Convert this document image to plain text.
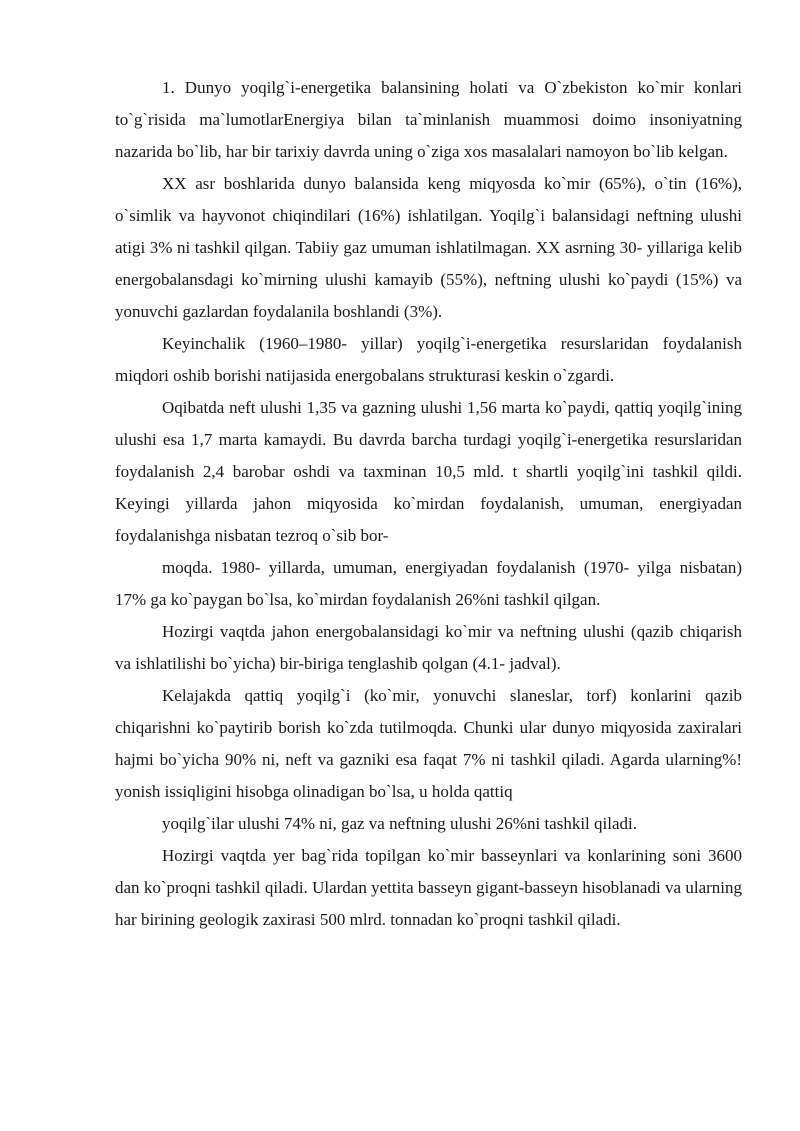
1. Dunyo yoqilg`i-energetika balansining holati va O`zbekiston ko`mir konlari to`g`risida ma`lumotlarEnergiya bilan ta`minlanish muammosi doimo insoniyatning nazarida bo`lib, har bir tarixiy davrda uning o`ziga xos masalalari namoyon bo`lib kelgan.

XX asr boshlarida dunyo balansida keng miqyosda ko`mir (65%), o`tin (16%), o`simlik va hayvonot chiqindilari (16%) ishlatilgan. Yoqilg`i balansidagi neftning ulushi atigi 3% ni tashkil qilgan. Tabiiy gaz umuman ishlatilmagan. XX asrning 30- yillariga kelib energobalansdagi ko`mirning ulushi kamayib (55%), neftning ulushi ko`paydi (15%) va yonuvchi gazlardan foydalanila boshlandi (3%).

Keyinchalik (1960–1980- yillar) yoqilg`i-energetika resurslaridan foydalanish miqdori oshib borishi natijasida energobalans strukturasi keskin o`zgardi.

Oqibatda neft ulushi 1,35 va gazning ulushi 1,56 marta ko`paydi, qattiq yoqilg`ining ulushi esa 1,7 marta kamaydi. Bu davrda barcha turdagi yoqilg`i-energetika resurslaridan foydalanish 2,4 barobar oshdi va taxminan 10,5 mld. t shartli yoqilg`ini tashkil qildi. Keyingi yillarda jahon miqyosida ko`mirdan foydalanish, umuman, energiyadan foydalanishga nisbatan tezroq o`sib bor-

moqda. 1980- yillarda, umuman, energiyadan foydalanish (1970- yilga nisbatan) 17% ga ko`paygan bo`lsa, ko`mirdan foydalanish 26%ni tashkil qilgan.

Hozirgi vaqtda jahon energobalansidagi ko`mir va neftning ulushi (qazib chiqarish va ishlatilishi bo`yicha) bir-biriga tenglashib qolgan (4.1- jadval).

Kelajakda qattiq yoqilg`i (ko`mir, yonuvchi slaneslar, torf) konlarini qazib chiqarishni ko`paytirib borish ko`zda tutilmoqda. Chunki ular dunyo miqyosida zaxiralari hajmi bo`yicha 90% ni, neft va gazniki esa faqat 7% ni tashkil qiladi. Agarda ularning%! yonish issiqligini hisobga olinadigan bo`lsa, u holda qattiq

yoqilg`ilar ulushi 74% ni, gaz va neftning ulushi 26%ni tashkil qiladi.

Hozirgi vaqtda yer bag`rida topilgan ko`mir basseynlari va konlarining soni 3600 dan ko`proqni tashkil qiladi. Ulardan yettita basseyn gigant-basseyn hisoblanadi va ularning har birining geologik zaxirasi 500 mlrd. tonnadan ko`proqni tashkil qiladi.
